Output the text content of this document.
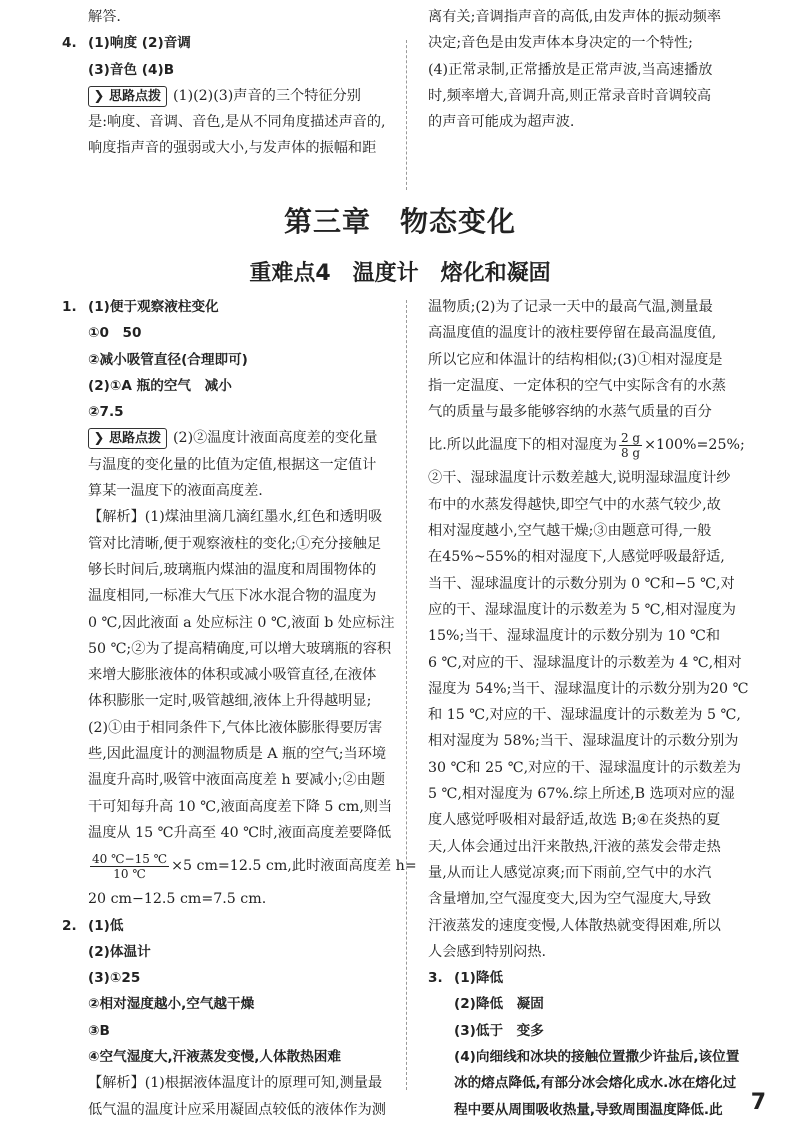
解答.

4. (1)响度 (2)音调

(3)音色 (4)B

❯ 思路点拨 (1)(2)(3)声音的三个特征分别

是:响度、音调、音色,是从不同角度描述声音的,

响度指声音的强弱或大小,与发声体的振幅和距

离有关;音调指声音的高低,由发声体的振动频率

决定;音色是由发声体本身决定的一个特性;

(4)正常录制,正常播放是正常声波,当高速播放

时,频率增大,音调升高,则正常录音时音调较高

的声音可能成为超声波.

第三章　物态变化
重难点4　温度计　熔化和凝固

1. (1)便于观察液柱变化

①0　50

②减小吸管直径(合理即可)

(2)①A 瓶的空气　减小

②7.5

❯ 思路点拨 (2)②温度计液面高度差的变化量

与温度的变化量的比值为定值,根据这一定值计

算某一温度下的液面高度差.

【解析】(1)煤油里滴几滴红墨水,红色和透明吸

管对比清晰,便于观察液柱的变化;①充分接触足

够长时间后,玻璃瓶内煤油的温度和周围物体的

温度相同,一标准大气压下冰水混合物的温度为

0 ℃,因此液面 a 处应标注 0 ℃,液面 b 处应标注

50 ℃;②为了提高精确度,可以增大玻璃瓶的容积

来增大膨胀液体的体积或减小吸管直径,在液体

体积膨胀一定时,吸管越细,液体上升得越明显;

(2)①由于相同条件下,气体比液体膨胀得要厉害

些,因此温度计的测温物质是 A 瓶的空气;当环境

温度升高时,吸管中液面高度差 h 要减小;②由题

干可知每升高 10 ℃,液面高度差下降 5 cm,则当

温度从 15 ℃升高至 40 ℃时,液面高度差要降低

$\frac{40 ℃-15 ℃}{10 ℃} \times 5$ cm=12.5 cm,此时液面高度差 h=

20 cm−12.5 cm=7.5 cm.

2. (1)低

(2)体温计

(3)①25

②相对湿度越小,空气越干燥

③B

④空气湿度大,汗液蒸发变慢,人体散热困难

【解析】(1)根据液体温度计的原理可知,测量最

低气温的温度计应采用凝固点较低的液体作为测

温物质;(2)为了记录一天中的最高气温,测量最

高温度值的温度计的液柱要停留在最高温度值,

所以它应和体温计的结构相似;(3)①相对湿度是

指一定温度、一定体积的空气中实际含有的水蒸

气的质量与最多能够容纳的水蒸气质量的百分

比.所以此温度下的相对湿度为 $\frac{2 g}{8 g} \times 100\%=25\%$;

②干、湿球温度计示数差越大,说明湿球温度计纱

布中的水蒸发得越快,即空气中的水蒸气较少,故

相对湿度越小,空气越干燥;③由题意可得,一般

在45%~55%的相对湿度下,人感觉呼吸最舒适,

当干、湿球温度计的示数分别为 0 ℃和−5 ℃,对

应的干、湿球温度计的示数差为 5 ℃,相对湿度为

15%;当干、湿球温度计的示数分别为 10 ℃和

6 ℃,对应的干、湿球温度计的示数差为 4 ℃,相对

湿度为 54%;当干、湿球温度计的示数分别为20 ℃

和 15 ℃,对应的干、湿球温度计的示数差为 5 ℃,

相对湿度为 58%;当干、湿球温度计的示数分别为

30 ℃和 25 ℃,对应的干、湿球温度计的示数差为

5 ℃,相对湿度为 67%.综上所述,B 选项对应的湿

度人感觉呼吸相对最舒适,故选 B;④在炎热的夏

天,人体会通过出汗来散热,汗液的蒸发会带走热

量,从而让人感觉凉爽;而下雨前,空气中的水汽

含量增加,空气湿度变大,因为空气湿度大,导致

汗液蒸发的速度变慢,人体散热就变得困难,所以

人会感到特别闷热.

3. (1)降低

(2)降低　凝固

(3)低于　变多

(4)向细线和冰块的接触位置撒少许盐后,该位置

冰的熔点降低,有部分冰会熔化成水.冰在熔化过

程中要从周围吸收热量,导致周围温度降低.此	7
